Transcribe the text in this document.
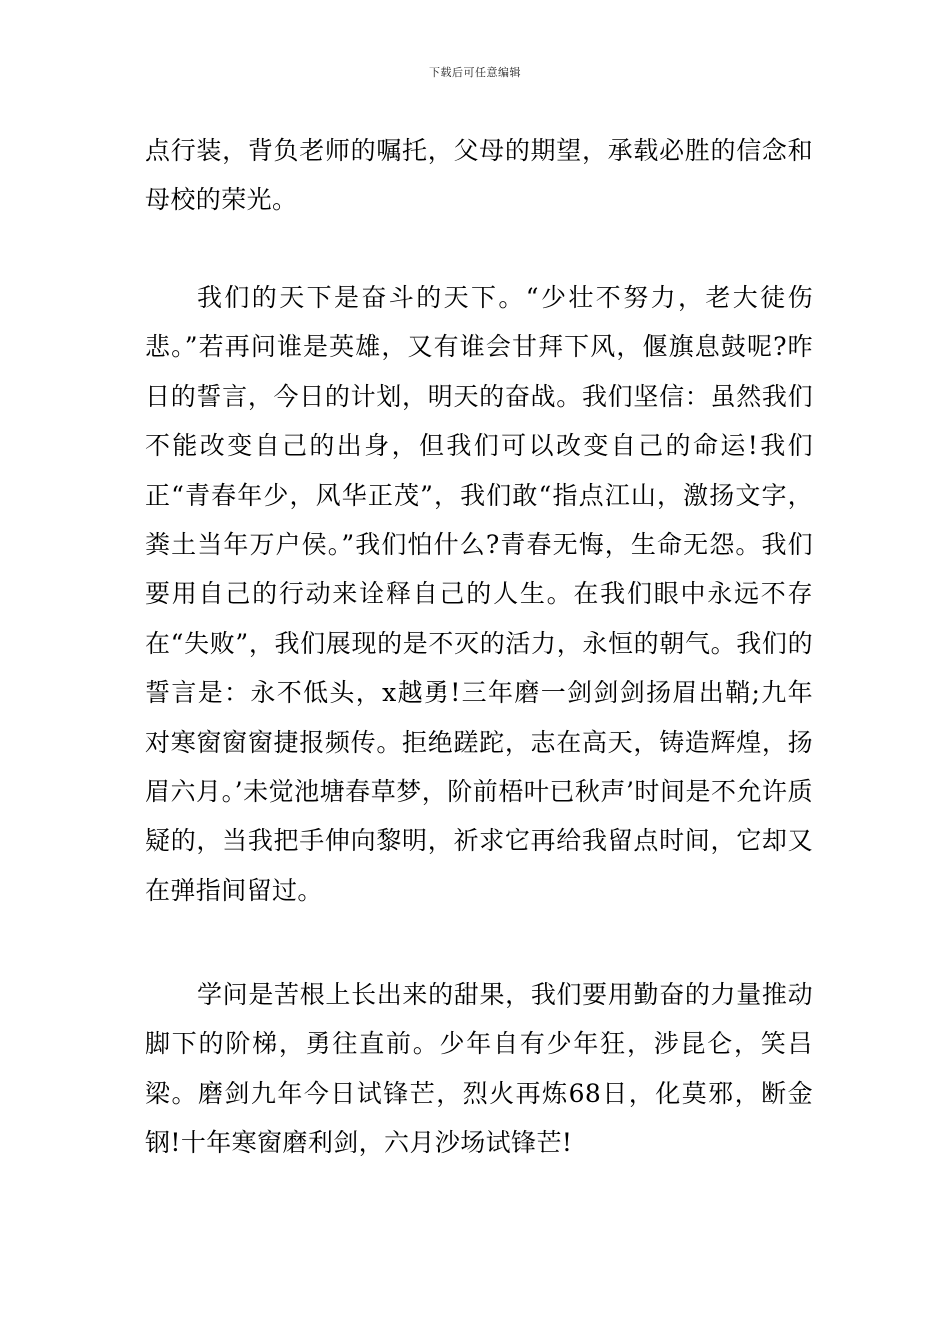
下载后可任意编辑

点行装，背负老师的嘱托，父母的期望，承载必胜的信念和母校的荣光。

我们的天下是奋斗的天下。“少壮不努力，老大徒伤悲。”若再问谁是英雄，又有谁会甘拜下风，偃旗息鼓呢?昨日的誓言，今日的计划，明天的奋战。我们坚信：虽然我们不能改变自己的出身，但我们可以改变自己的命运!我们正“青春年少，风华正茂”，我们敢“指点江山，激扬文字，粪土当年万户侯。”我们怕什么?青春无悔，生命无怨。我们要用自己的行动来诠释自己的人生。在我们眼中永远不存在“失败”，我们展现的是不灭的活力，永恒的朝气。我们的誓言是：永不低头，x越勇!三年磨一剑剑剑扬眉出鞘;九年对寒窗窗窗捷报频传。拒绝蹉跎，志在高天，铸造辉煌，扬眉六月。’未觉池塘春草梦，阶前梧叶已秋声’时间是不允许质疑的，当我把手伸向黎明，祈求它再给我留点时间，它却又在弹指间留过。

学问是苦根上长出来的甜果，我们要用勤奋的力量推动脚下的阶梯，勇往直前。少年自有少年狂，涉昆仑，笑吕梁。磨剑九年今日试锋芒，烈火再炼68日，化莫邪，断金钢!十年寒窗磨利剑，六月沙场试锋芒!
